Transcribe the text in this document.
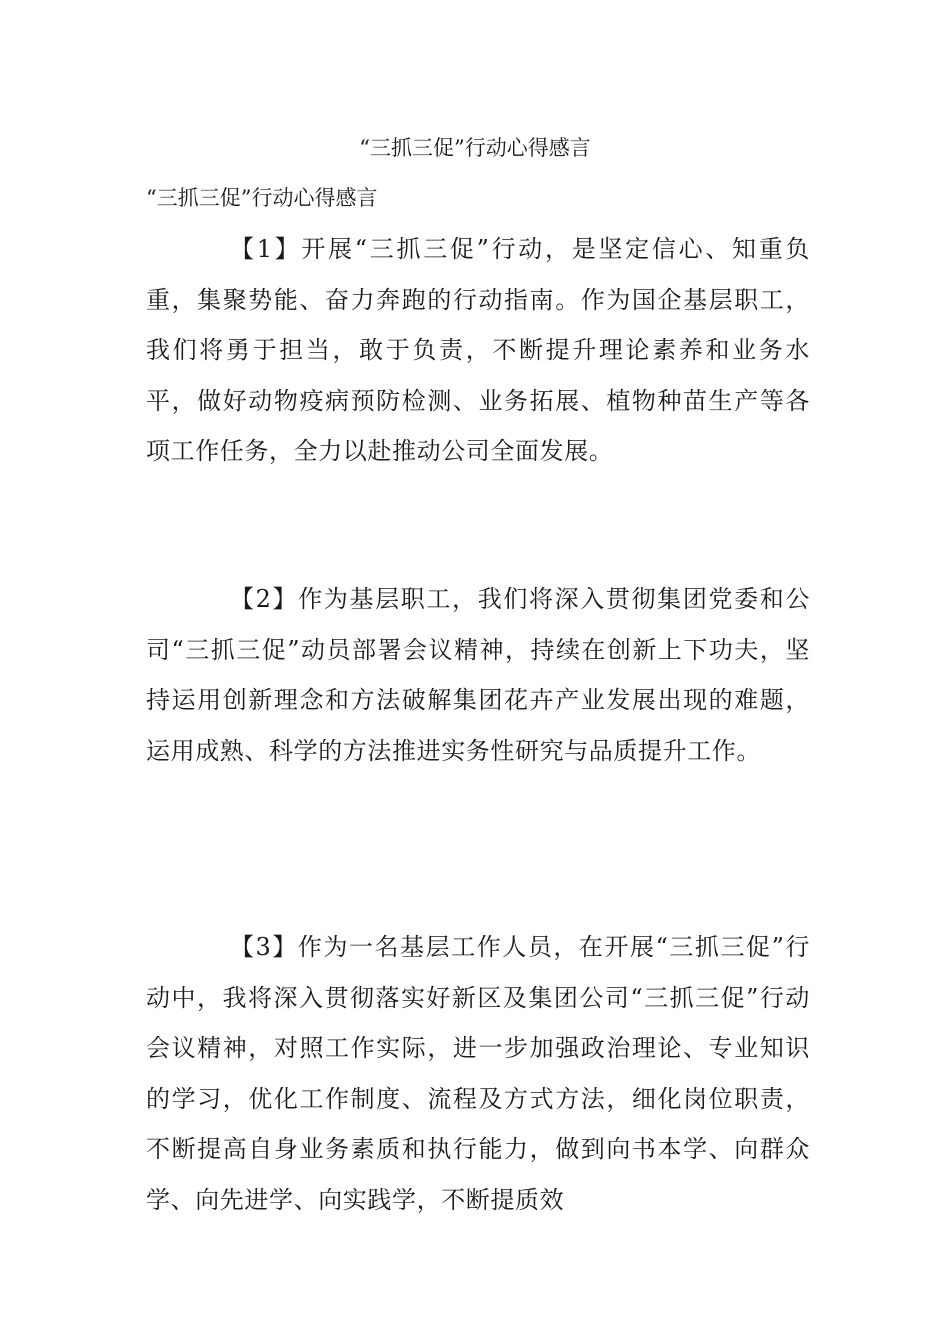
“三抓三促”行动心得感言
“三抓三促”行动心得感言

【1】开展“三抓三促”行动，是坚定信心、知重负重，集聚势能、奋力奔跑的行动指南。作为国企基层职工，我们将勇于担当，敢于负责，不断提升理论素养和业务水平，做好动物疫病预防检测、业务拓展、植物种苗生产等各项工作任务，全力以赴推动公司全面发展。

【2】作为基层职工，我们将深入贯彻集团党委和公司“三抓三促”动员部署会议精神，持续在创新上下功夫，坚持运用创新理念和方法破解集团花卉产业发展出现的难题，运用成熟、科学的方法推进实务性研究与品质提升工作。

【3】作为一名基层工作人员，在开展“三抓三促”行动中，我将深入贯彻落实好新区及集团公司“三抓三促”行动会议精神，对照工作实际，进一步加强政治理论、专业知识的学习，优化工作制度、流程及方式方法，细化岗位职责，不断提高自身业务素质和执行能力，做到向书本学、向群众学、向先进学、向实践学，不断提质效
